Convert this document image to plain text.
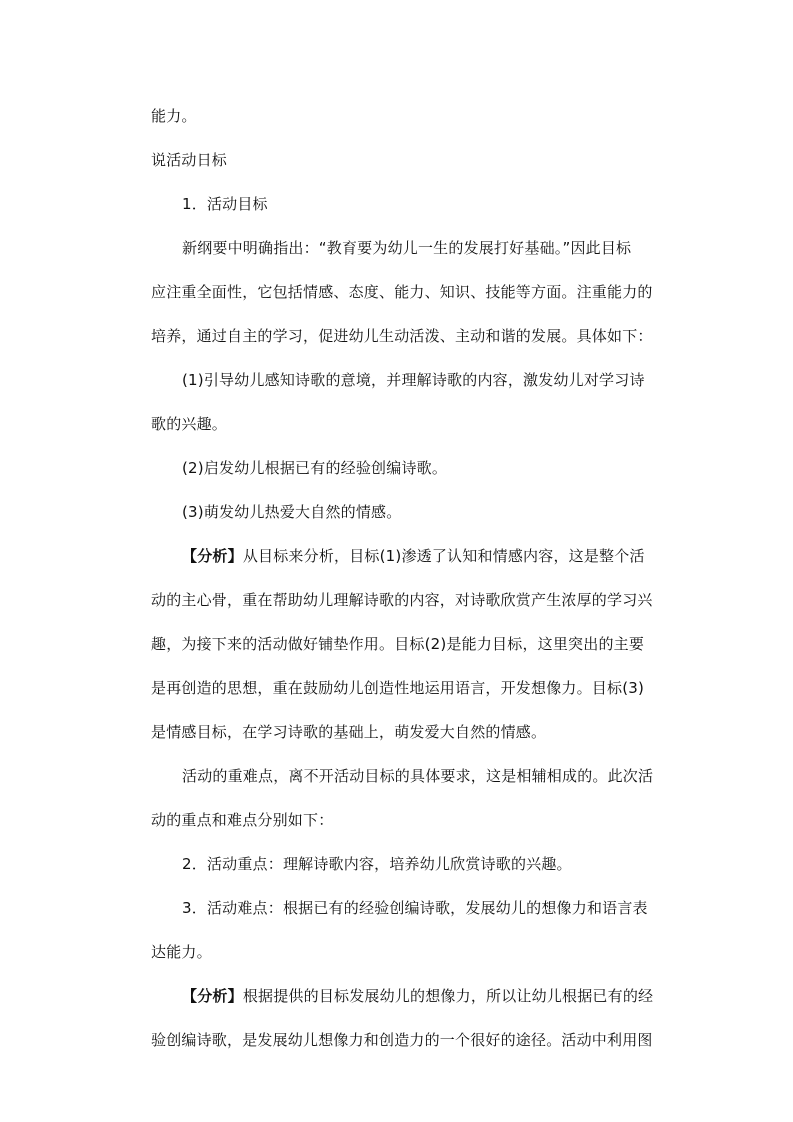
能力。
说活动日标
1．活动目标
新纲要中明确指出：“教育要为幼儿一生的发展打好基础。”因此目标
应注重全面性，它包括情感、态度、能力、知识、技能等方面。注重能力的
培养，通过自主的学习，促进幼儿生动活泼、主动和谐的发展。具体如下：
(1)引导幼儿感知诗歌的意境，并理解诗歌的内容，激发幼儿对学习诗
歌的兴趣。
(2)启发幼儿根据已有的经验创编诗歌。
(3)萌发幼儿热爱大自然的情感。
【分析】从目标来分析，目标(1)渗透了认知和情感内容，这是整个活
动的主心骨，重在帮助幼儿理解诗歌的内容，对诗歌欣赏产生浓厚的学习兴
趣，为接下来的活动做好铺垫作用。目标(2)是能力目标，这里突出的主要
是再创造的思想，重在鼓励幼儿创造性地运用语言，开发想像力。目标(3)
是情感目标，在学习诗歌的基础上，萌发爱大自然的情感。
活动的重难点，离不开活动目标的具体要求，这是相辅相成的。此次活
动的重点和难点分别如下：
2．活动重点：理解诗歌内容，培养幼儿欣赏诗歌的兴趣。
3．活动难点：根据已有的经验创编诗歌，发展幼儿的想像力和语言表
达能力。
【分析】根据提供的目标发展幼儿的想像力，所以让幼儿根据已有的经
验创编诗歌，是发展幼儿想像力和创造力的一个很好的途径。活动中利用图
